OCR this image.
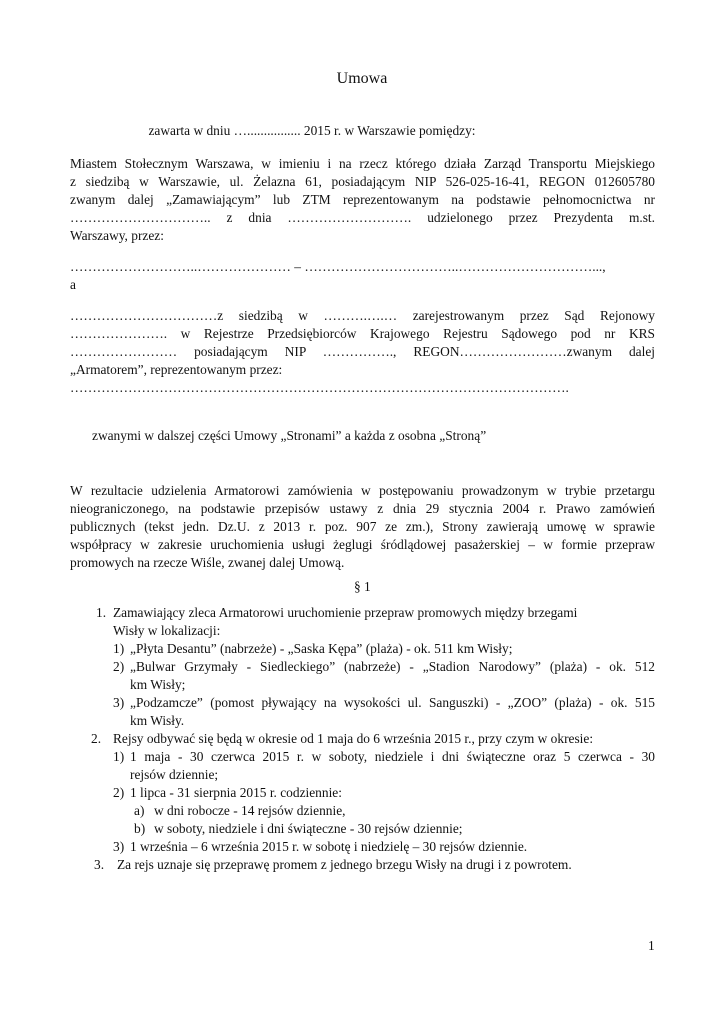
Umowa
zawarta w dniu …................ 2015 r. w Warszawie pomiędzy:
Miastem Stołecznym Warszawa, w imieniu i na rzecz którego działa Zarząd Transportu Miejskiego
z siedzibą w Warszawie, ul. Żelazna 61, posiadającym NIP 526-025-16-41, REGON 012605780
zwanym dalej „Zamawiającym” lub ZTM reprezentowanym na podstawie pełnomocnictwa nr
………………………….. z dnia ………………………. udzielonego przez Prezydenta m.st.
Warszawy, przez:
………………………..………………… – ……………………………..…………………………...,
a
……………………………z siedzibą w ……….….… zarejestrowanym przez Sąd Rejonowy
…………………. w Rejestrze Przedsiębiorców Krajowego Rejestru Sądowego pod nr KRS
…………………… posiadającym NIP ……………., REGON……………………zwanym dalej
„Armatorem”, reprezentowanym przez:
………………………………………………………………………………………………….
zwanymi w dalszej części Umowy „Stronami” a każda z osobna „Stroną”
W rezultacie udzielenia Armatorowi zamówienia w postępowaniu prowadzonym w trybie przetargu
nieograniczonego, na podstawie przepisów ustawy z dnia 29 stycznia 2004 r. Prawo zamówień
publicznych (tekst jedn. Dz.U. z 2013 r. poz. 907 ze zm.), Strony zawierają umowę w sprawie
współpracy w zakresie uruchomienia usługi żeglugi śródlądowej pasażerskiej – w formie przepraw
promowych na rzecze Wiśle, zwanej dalej Umową.
§ 1
1. Zamawiający zleca Armatorowi uruchomienie przepraw promowych między brzegami
Wisły w lokalizacji:
1) „Płyta Desantu” (nabrzeże) - „Saska Kępa” (plaża) - ok. 511 km Wisły;
2) „Bulwar Grzymały - Siedleckiego” (nabrzeże) - „Stadion Narodowy” (plaża) - ok. 512
km Wisły;
3) „Podzamcze” (pomost pływający na wysokości ul. Sanguszki) - „ZOO” (plaża) - ok. 515
km Wisły.
2. Rejsy odbywać się będą w okresie od 1 maja do 6 września 2015 r., przy czym w okresie:
1) 1 maja - 30 czerwca 2015 r. w soboty, niedziele i dni świąteczne oraz 5 czerwca - 30
rejsów dziennie;
2) 1 lipca - 31 sierpnia 2015 r. codziennie:
a) w dni robocze - 14 rejsów dziennie,
b) w soboty, niedziele i dni świąteczne - 30 rejsów dziennie;
3) 1 września – 6 września 2015 r. w sobotę i niedzielę – 30 rejsów dziennie.
3. Za rejs uznaje się przeprawę promem z jednego brzegu Wisły na drugi i z powrotem.
1
